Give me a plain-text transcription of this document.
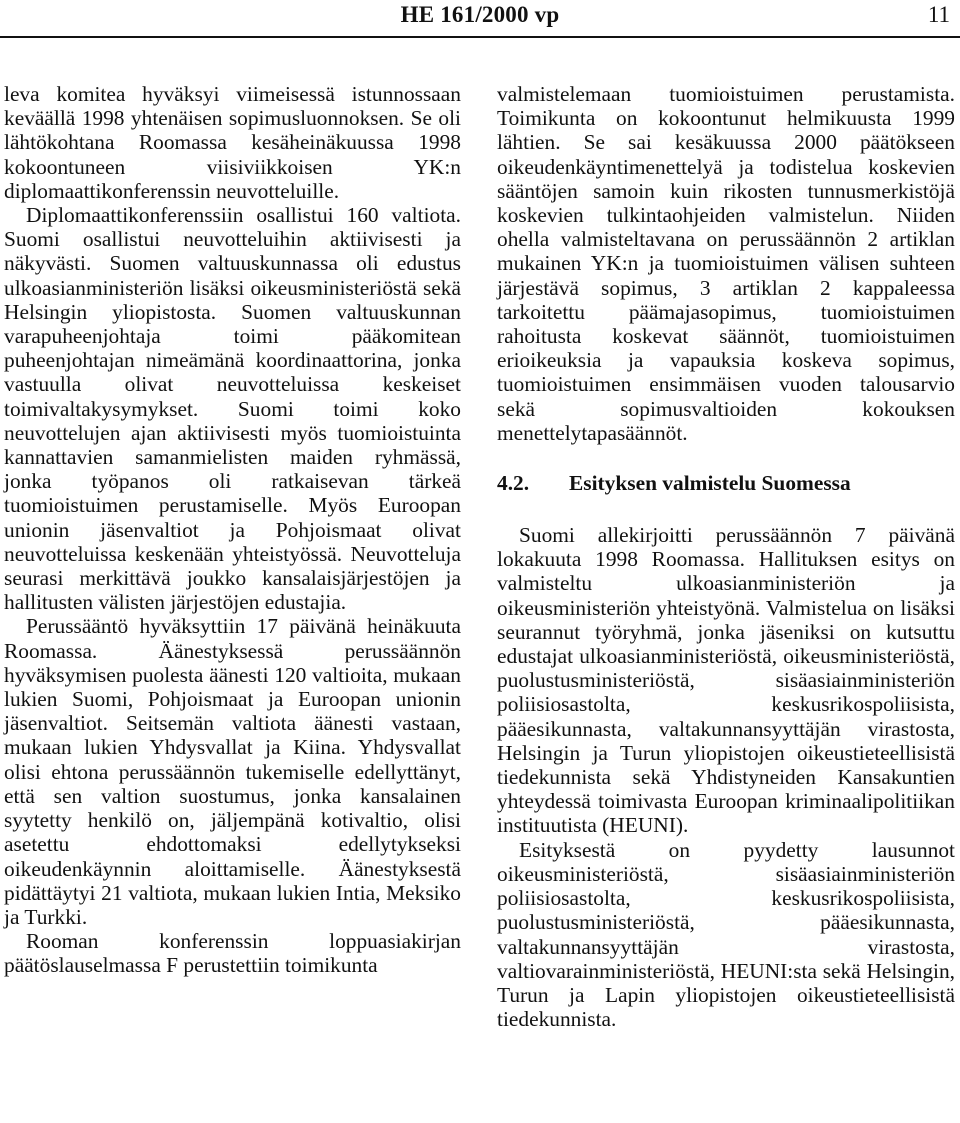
HE 161/2000 vp	11

leva komitea hyväksyi viimeisessä istunnossaan keväällä 1998 yhtenäisen sopimusluonnoksen. Se oli lähtökohtana Roomassa kesäheinäkuussa 1998 kokoontuneen viisiviikkoisen YK:n diplomaattikonferenssin neuvotteluille.

Diplomaattikonferenssiin osallistui 160 valtiota. Suomi osallistui neuvotteluihin aktiivisesti ja näkyvästi. Suomen valtuuskunnassa oli edustus ulkoasianministeriön lisäksi oikeusministeriöstä sekä Helsingin yliopistosta. Suomen valtuuskunnan varapuheenjohtaja toimi pääkomitean puheenjohtajan nimeämänä koordinaattorina, jonka vastuulla olivat neuvotteluissa keskeiset toimivaltakysymykset. Suomi toimi koko neuvottelujen ajan aktiivisesti myös tuomioistuinta kannattavien samanmielisten maiden ryhmässä, jonka työpanos oli ratkaisevan tärkeä tuomioistuimen perustamiselle. Myös Euroopan unionin jäsenvaltiot ja Pohjoismaat olivat neuvotteluissa keskenään yhteistyössä. Neuvotteluja seurasi merkittävä joukko kansalaisjärjestöjen ja hallitusten välisten järjestöjen edustajia.

Perussääntö hyväksyttiin 17 päivänä heinäkuuta Roomassa. Äänestyksessä perussäännön hyväksymisen puolesta äänesti 120 valtioita, mukaan lukien Suomi, Pohjoismaat ja Euroopan unionin jäsenvaltiot. Seitsemän valtiota äänesti vastaan, mukaan lukien Yhdysvallat ja Kiina. Yhdysvallat olisi ehtona perussäännön tukemiselle edellyttänyt, että sen valtion suostumus, jonka kansalainen syytetty henkilö on, jäljempänä kotivaltio, olisi asetettu ehdottomaksi edellytykseksi oikeudenkäynnin aloittamiselle. Äänestyksestä pidättäytyi 21 valtiota, mukaan lukien Intia, Meksiko ja Turkki.

Rooman konferenssin loppuasiakirjan päätöslauselmassa F perustettiin toimikunta

valmistelemaan tuomioistuimen perustamista. Toimikunta on kokoontunut helmikuusta 1999 lähtien. Se sai kesäkuussa 2000 päätökseen oikeudenkäyntimenettelyä ja todistelua koskevien sääntöjen samoin kuin rikosten tunnusmerkistöjä koskevien tulkintaohjeiden valmistelun. Niiden ohella valmisteltavana on perussäännön 2 artiklan mukainen YK:n ja tuomioistuimen välisen suhteen järjestävä sopimus, 3 artiklan 2 kappaleessa tarkoitettu päämajasopimus, tuomioistuimen rahoitusta koskevat säännöt, tuomioistuimen erioikeuksia ja vapauksia koskeva sopimus, tuomioistuimen ensimmäisen vuoden talousarvio sekä sopimusvaltioiden kokouksen menettelytapasäännöt.

4.2. Esityksen valmistelu Suomessa

Suomi allekirjoitti perussäännön 7 päivänä lokakuuta 1998 Roomassa. Hallituksen esitys on valmisteltu ulkoasianministeriön ja oikeusministeriön yhteistyönä. Valmistelua on lisäksi seurannut työryhmä, jonka jäseniksi on kutsuttu edustajat ulkoasianministeriöstä, oikeusministeriöstä, puolustusministeriöstä, sisäasiainministeriön poliisiosastolta, keskusrikospoliisista, pääesikunnasta, valtakunnansyyttäjän virastosta, Helsingin ja Turun yliopistojen oikeustieteellisistä tiedekunnista sekä Yhdistyneiden Kansakuntien yhteydessä toimivasta Euroopan kriminaalipolitiikan instituutista (HEUNI).

Esityksestä on pyydetty lausunnot oikeusministeriöstä, sisäasiainministeriön poliisiosastolta, keskusrikospoliisista, puolustusministeriöstä, pääesikunnasta, valtakunnansyyttäjän virastosta, valtiovarainministeriöstä, HEUNI:sta sekä Helsingin, Turun ja Lapin yliopistojen oikeustieteellisistä tiedekunnista.
